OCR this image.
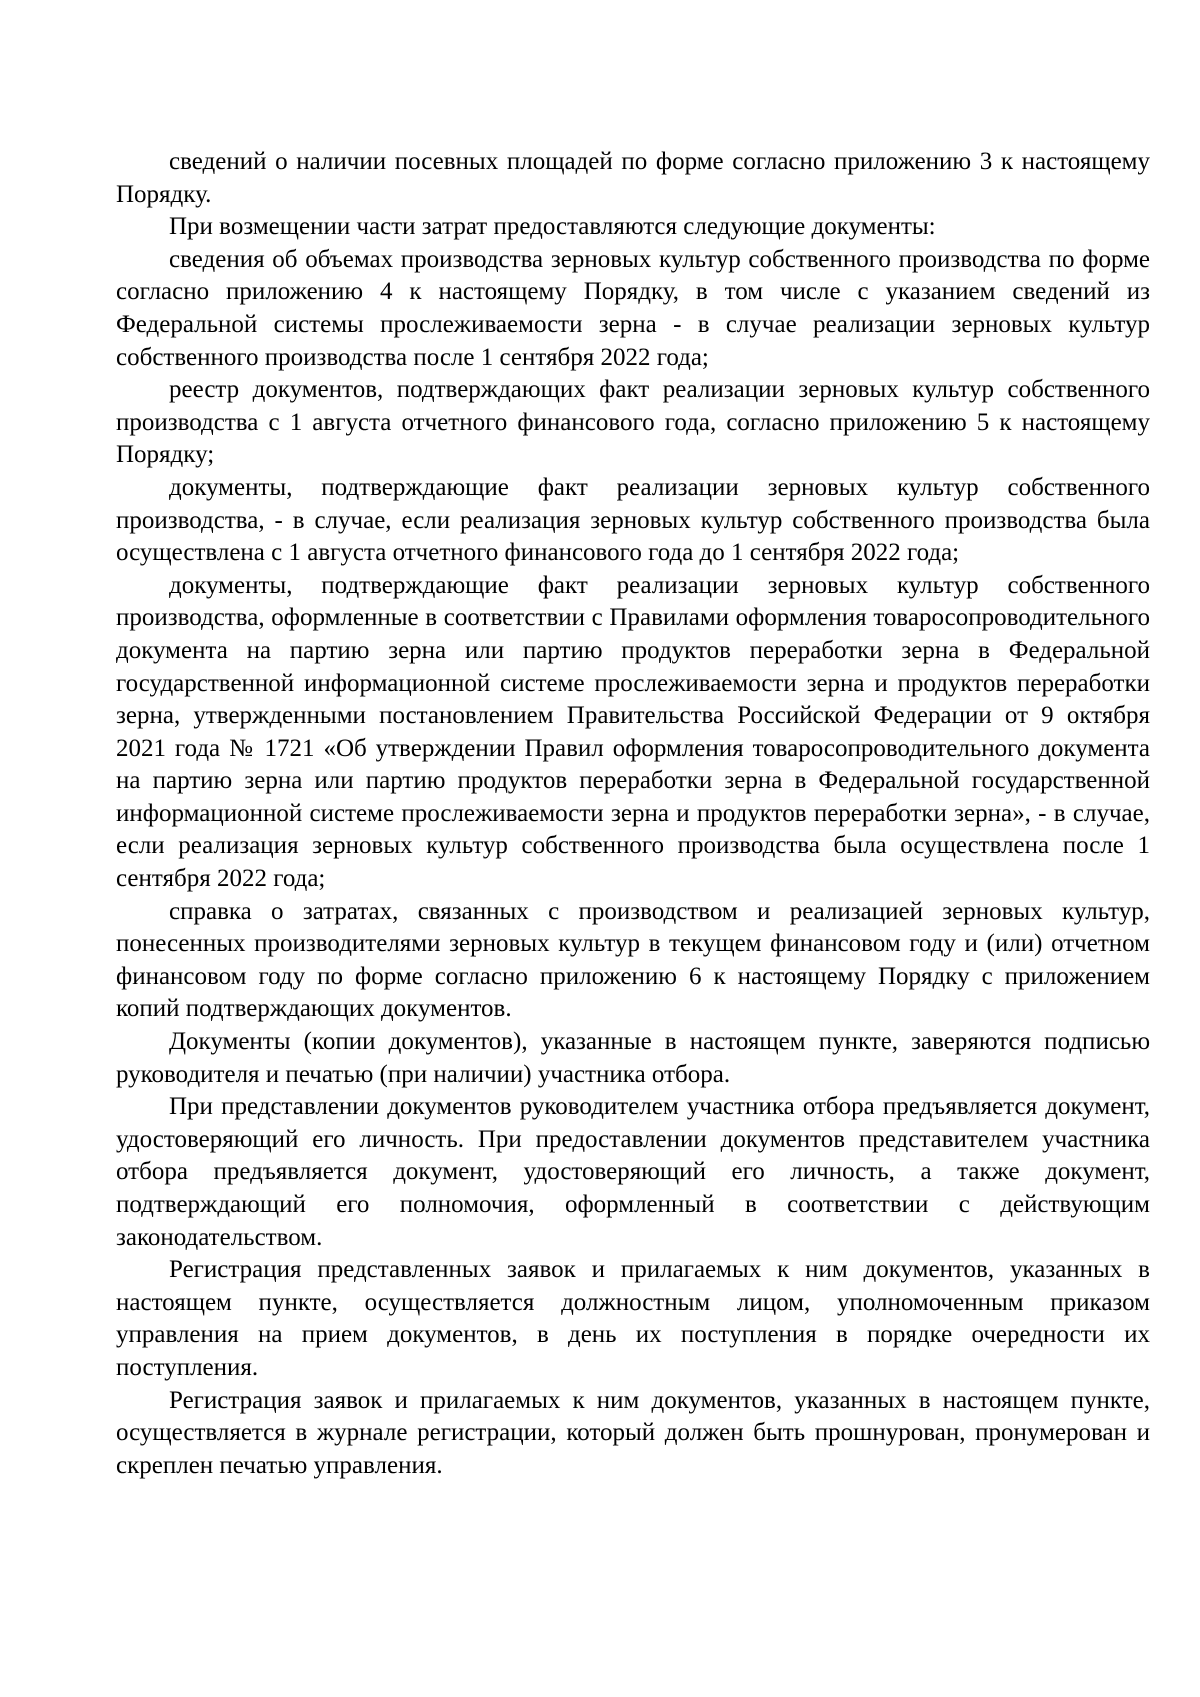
сведений о наличии посевных площадей по форме согласно приложению 3 к настоящему Порядку.

При возмещении части затрат предоставляются следующие документы:

сведения об объемах производства зерновых культур собственного производства по форме согласно приложению 4 к настоящему Порядку, в том числе с указанием сведений из Федеральной системы прослеживаемости зерна - в случае реализации зерновых культур собственного производства после 1 сентября 2022 года;

реестр документов, подтверждающих факт реализации зерновых культур собственного производства с 1 августа отчетного финансового года, согласно приложению 5 к настоящему Порядку;

документы, подтверждающие факт реализации зерновых культур собственного производства, - в случае, если реализация зерновых культур собственного производства была осуществлена с 1 августа отчетного финансового года до 1 сентября 2022 года;

документы, подтверждающие факт реализации зерновых культур собственного производства, оформленные в соответствии с Правилами оформления товаросопроводительного документа на партию зерна или партию продуктов переработки зерна в Федеральной государственной информационной системе прослеживаемости зерна и продуктов переработки зерна, утвержденными постановлением Правительства Российской Федерации от 9 октября 2021 года № 1721 «Об утверждении Правил оформления товаросопроводительного документа на партию зерна или партию продуктов переработки зерна в Федеральной государственной информационной системе прослеживаемости зерна и продуктов переработки зерна», - в случае, если реализация зерновых культур собственного производства была осуществлена после 1 сентября 2022 года;

справка о затратах, связанных с производством и реализацией зерновых культур, понесенных производителями зерновых культур в текущем финансовом году и (или) отчетном финансовом году по форме согласно приложению 6 к настоящему Порядку с приложением копий подтверждающих документов.

Документы (копии документов), указанные в настоящем пункте, заверяются подписью руководителя и печатью (при наличии) участника отбора.

При представлении документов руководителем участника отбора предъявляется документ, удостоверяющий его личность. При предоставлении документов представителем участника отбора предъявляется документ, удостоверяющий его личность, а также документ, подтверждающий его полномочия, оформленный в соответствии с действующим законодательством.

Регистрация представленных заявок и прилагаемых к ним документов, указанных в настоящем пункте, осуществляется должностным лицом, уполномоченным приказом управления на прием документов, в день их поступления в порядке очередности их поступления.

Регистрация заявок и прилагаемых к ним документов, указанных в настоящем пункте, осуществляется в журнале регистрации, который должен быть прошнурован, пронумерован и скреплен печатью управления.
